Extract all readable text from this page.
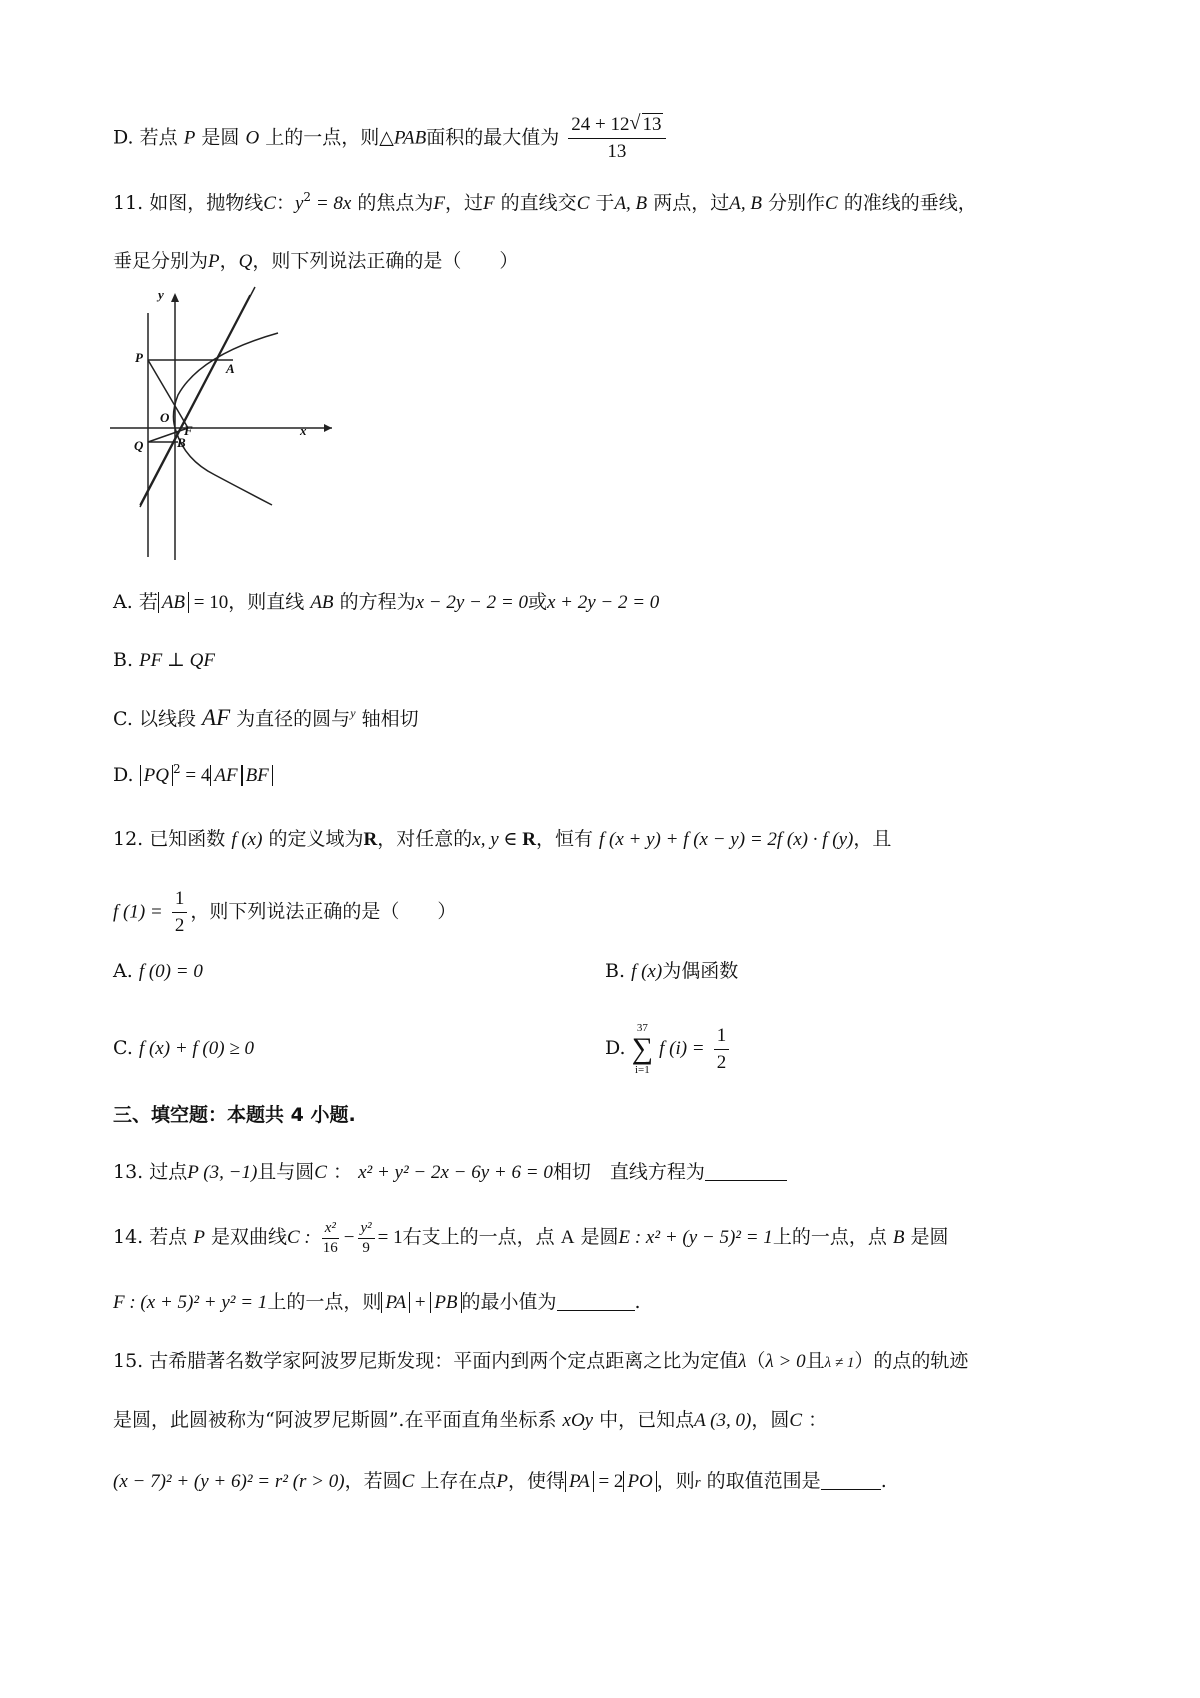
D. 若点 P 是圆 O 上的一点，则△PAB面积的最大值为 $\frac{24 + 12 √ 13}{13}$
11. 如图，抛物线C：$y^2 = 8x$ 的焦点为F，过F 的直线交C 于A, B 两点，过A, B 分别作C 的准线的垂线，
垂足分别为P，Q，则下列说法正确的是（　　）
y
x
P
A
O
F
Q	B
A. 若 AB = 10，则直线 AB 的方程为x − 2y − 2 = 0或x + 2y − 2 = 0
B. PF ⊥ QF
C. 以线段 AF 为直径的圆与$^y$ 轴相切
D. PQ $^2$ = 4 AF BF
12. 已知函数 f (x) 的定义域为R，对任意的x, y ∈ R，恒有 f (x + y) + f (x − y) = 2f (x) · f (y)，且
f $(1) = \frac{1}{2}$ ，则下列说法正确的是（　　）
A. f (0) = 0	B. f (x)为偶函数
C. f (x) + f (0) ≥ 0	D.
37
∑
i=1
f $(i) = \frac{1}{2}$
三、填空题：本题共 4 小题.
13. 过点P (3, −1)且与圆C ： x² + y² − 2x − 6y + 6 = 0相切　直线方程为
14. 若点 P 是双曲线C : $\frac{\text{x²}}{16} - \frac{\text{y²}}{9} = 1$右支上的一点，点 A 是圆E : x² + (y − 5)² = 1上的一点，点 B 是圆
F : (x + 5)² + y² = 1上的一点，则 PA + PB 的最小值为	.
15. 古希腊著名数学家阿波罗尼斯发现：平面内到两个定点距离之比为定值λ（λ > 0且λ ≠ 1）的点的轨迹
是圆，此圆被称为“阿波罗尼斯圆”.在平面直角坐标系 xOy 中，已知点A (3, 0)，圆C ：
(x − 7)² + (y + 6)² = r² (r > 0)，若圆C 上存在点P，使得 PA = 2 PO ，则r 的取值范围是	.
